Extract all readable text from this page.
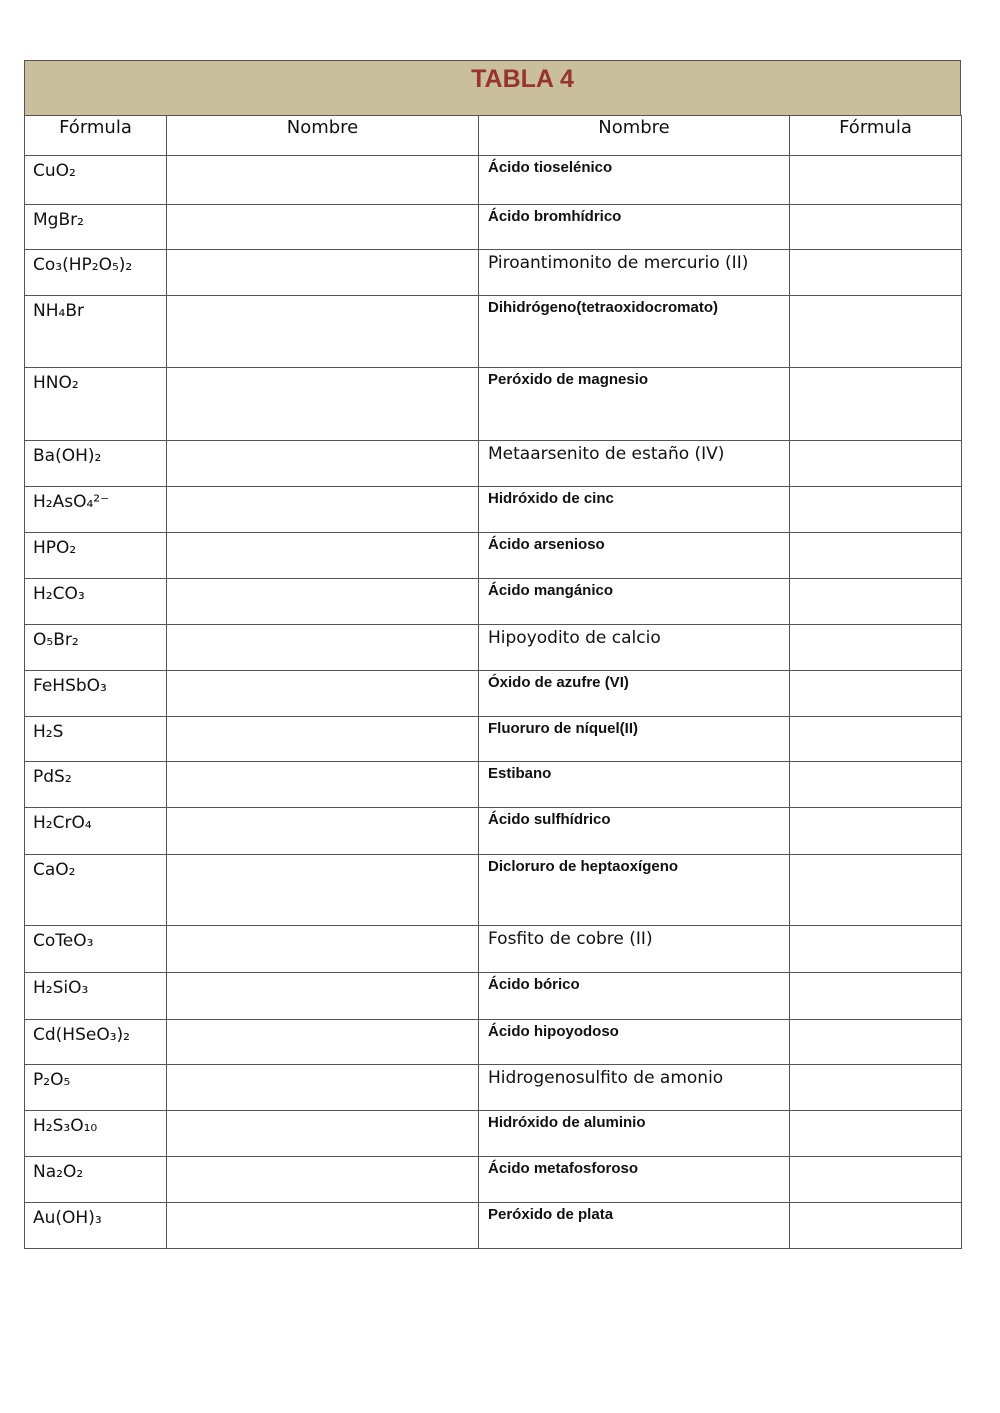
TABLA 4
Fórmula	Nombre	Nombre	Fórmula
CuO₂		Ácido tioselénico	
MgBr₂		Ácido bromhídrico	
Co₃(HP₂O₅)₂		Piroantimonito de mercurio (II)	
NH₄Br		Dihidrógeno(tetraoxidocromato)	
HNO₂		Peróxido de magnesio	
Ba(OH)₂		Metaarsenito de estaño (IV)	
H₂AsO₄²⁻		Hidróxido de cinc	
HPO₂		Ácido arsenioso	
H₂CO₃		Ácido mangánico	
O₅Br₂		Hipoyodito de calcio	
FeHSbO₃		Óxido de azufre (VI)	
H₂S		Fluoruro de níquel(II)	
PdS₂		Estibano	
H₂CrO₄		Ácido sulfhídrico	
CaO₂		Dicloruro de heptaoxígeno	
CoTeO₃		Fosfito de cobre (II)	
H₂SiO₃		Ácido bórico	
Cd(HSeO₃)₂		Ácido hipoyodoso	
P₂O₅		Hidrogenosulfito de amonio	
H₂S₃O₁₀		Hidróxido de aluminio	
Na₂O₂		Ácido metafosforoso	
Au(OH)₃		Peróxido de plata	
